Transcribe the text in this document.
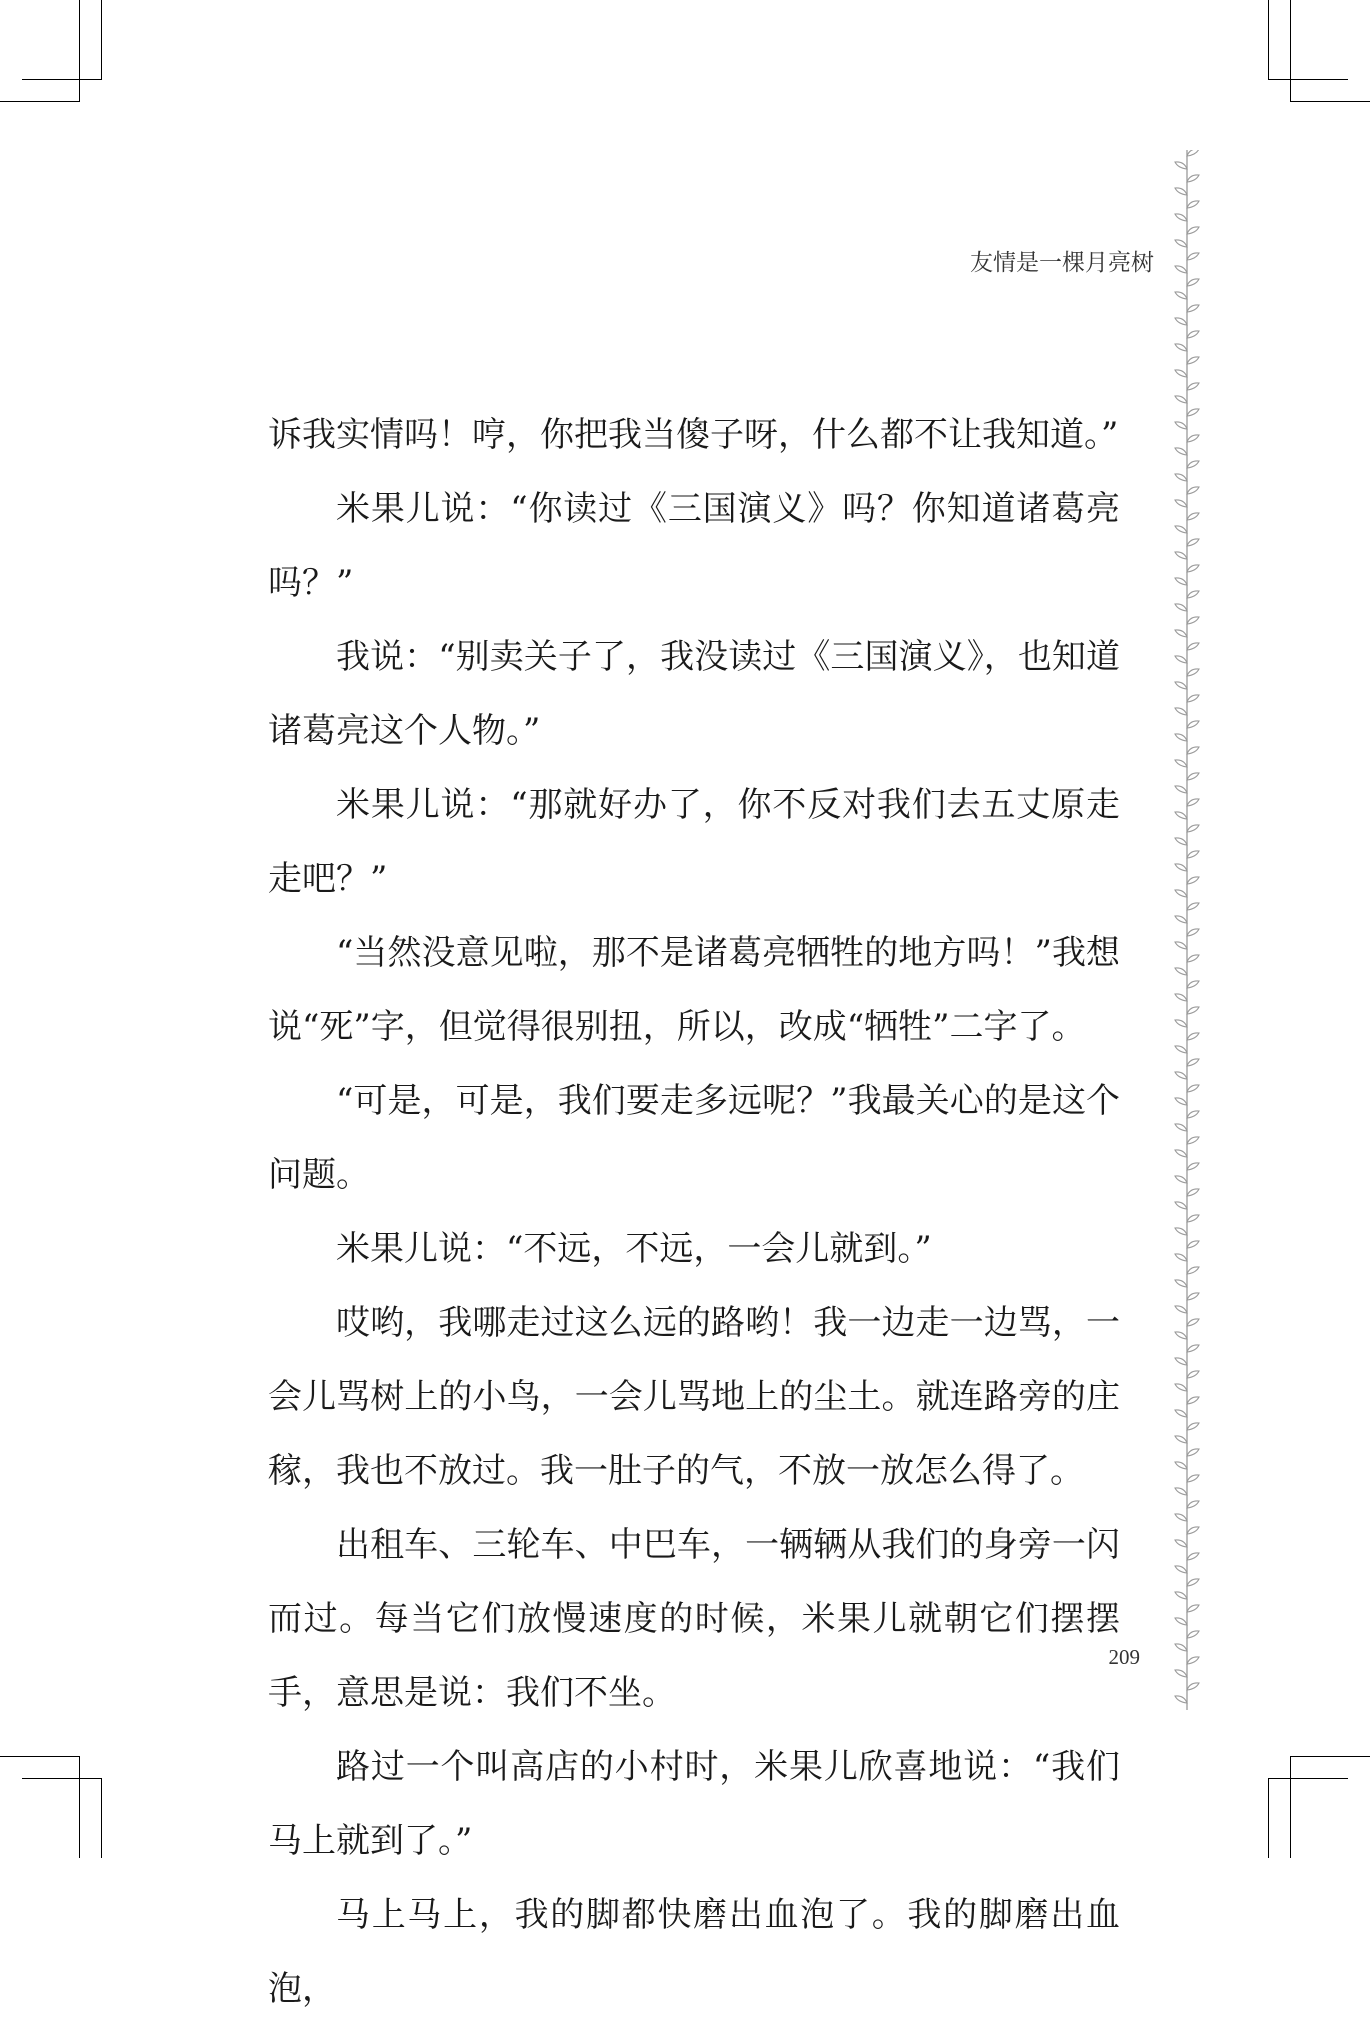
友情是一棵月亮树

诉我实情吗！哼，你把我当傻子呀，什么都不让我知道。”

米果儿说：“你读过《三国演义》吗？你知道诸葛亮吗？”

我说：“别卖关子了，我没读过《三国演义》，也知道诸葛亮这个人物。”

米果儿说：“那就好办了，你不反对我们去五丈原走走吧？”

“当然没意见啦，那不是诸葛亮牺牲的地方吗！”我想说“死”字，但觉得很别扭，所以，改成“牺牲”二字了。

“可是，可是，我们要走多远呢？”我最关心的是这个问题。

米果儿说：“不远，不远，一会儿就到。”

哎哟，我哪走过这么远的路哟！我一边走一边骂，一会儿骂树上的小鸟，一会儿骂地上的尘土。就连路旁的庄稼，我也不放过。我一肚子的气，不放一放怎么得了。

出租车、三轮车、中巴车，一辆辆从我们的身旁一闪而过。每当它们放慢速度的时候，米果儿就朝它们摆摆手，意思是说：我们不坐。

路过一个叫高店的小村时，米果儿欣喜地说：“我们马上就到了。”

马上马上，我的脚都快磨出血泡了。我的脚磨出血泡，

209
